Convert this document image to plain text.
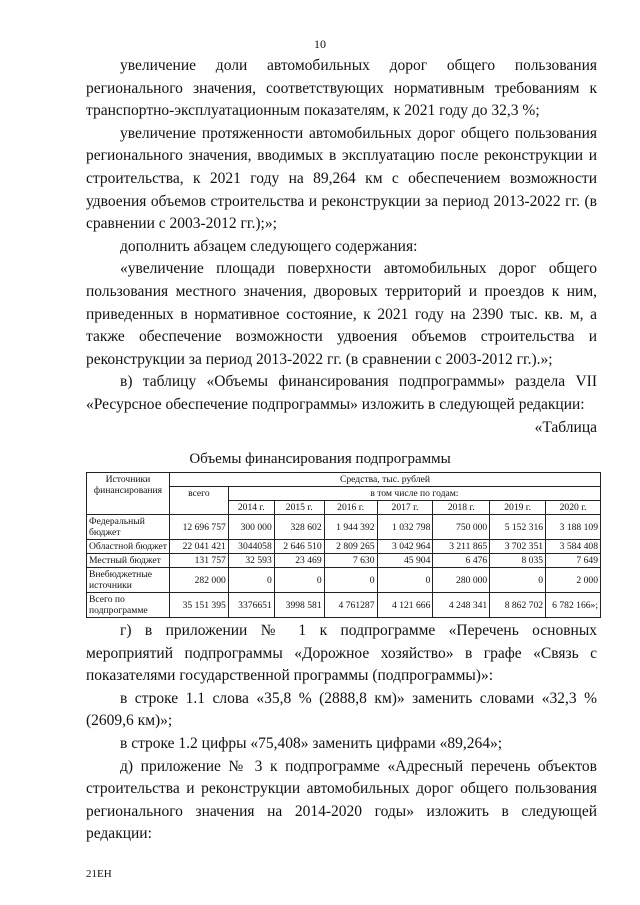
10

увеличение доли автомобильных дорог общего пользования регионального значения, соответствующих нормативным требованиям к транспортно-эксплуатационным показателям, к 2021 году до 32,3 %;

увеличение протяженности автомобильных дорог общего пользования регионального значения, вводимых в эксплуатацию после реконструкции и строительства, к 2021 году на 89,264 км с обеспечением возможности удвоения объемов строительства и реконструкции за период 2013-2022 гг. (в сравнении с 2003-2012 гг.);»;

дополнить абзацем следующего содержания:

«увеличение площади поверхности автомобильных дорог общего пользования местного значения, дворовых территорий и проездов к ним, приведенных в нормативное состояние, к 2021 году на 2390 тыс. кв. м, а также обеспечение возможности удвоения объемов строительства и реконструкции за период 2013-2022 гг. (в сравнении с 2003-2012 гг.).»;

в) таблицу «Объемы финансирования подпрограммы» раздела VII «Ресурсное обеспечение подпрограммы» изложить в следующей редакции:

«Таблица

Объемы финансирования подпрограммы
Источники финансирования	Средства, тыс. рублей							
	всего	в том числе по годам:						
		2014 г.	2015 г.	2016 г.	2017 г.	2018 г.	2019 г.	2020 г.
Федеральный бюджет	12 696 757	300 000	328 602	1 944 392	1 032 798	750 000	5 152 316	3 188 109
Областной бюджет	22 041 421	3044058	2 646 510	2 809 265	3 042 964	3 211 865	3 702 351	3 584 408
Местный бюджет	131 757	32 593	23 469	7 630	45 904	6 476	8 035	7 649
Внебюджетные источники	282 000	0	0	0	0	280 000	0	2 000
Всего по подпрограмме	35 151 395	3376651	3998 581	4 761287	4 121 666	4 248 341	8 862 702	6 782 166»;

г) в приложении № 1 к подпрограмме «Перечень основных мероприятий подпрограммы «Дорожное хозяйство» в графе «Связь с показателями государственной программы (подпрограммы)»:

в строке 1.1 слова «35,8 % (2888,8 км)» заменить словами «32,3 % (2609,6 км)»;

в строке 1.2 цифры «75,408» заменить цифрами «89,264»;

д) приложение № 3 к подпрограмме «Адресный перечень объектов строительства и реконструкции автомобильных дорог общего пользования регионального значения на 2014-2020 годы» изложить в следующей редакции:

21ЕН
